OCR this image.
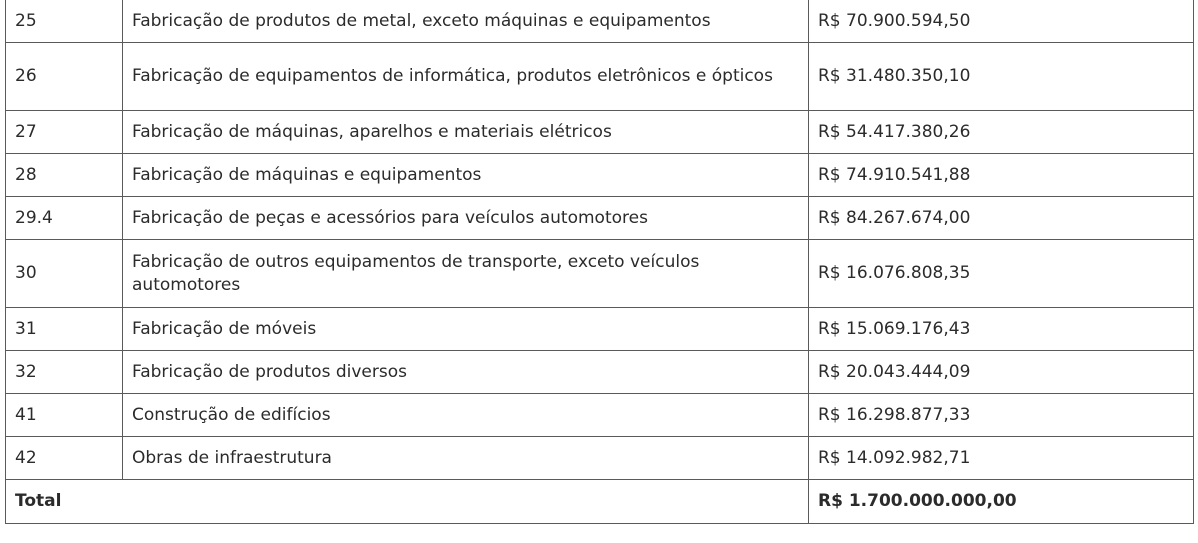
25	Fabricação de produtos de metal, exceto máquinas e equipamentos	R$ 70.900.594,50
26	Fabricação de equipamentos de informática, produtos eletrônicos e ópticos	R$ 31.480.350,10
27	Fabricação de máquinas, aparelhos e materiais elétricos	R$ 54.417.380,26
28	Fabricação de máquinas e equipamentos	R$ 74.910.541,88
29.4	Fabricação de peças e acessórios para veículos automotores	R$ 84.267.674,00
30	Fabricação de outros equipamentos de transporte, exceto veículos automotores	R$ 16.076.808,35
31	Fabricação de móveis	R$ 15.069.176,43
32	Fabricação de produtos diversos	R$ 20.043.444,09
41	Construção de edifícios	R$ 16.298.877,33
42	Obras de infraestrutura	R$ 14.092.982,71
Total		R$ 1.700.000.000,00
